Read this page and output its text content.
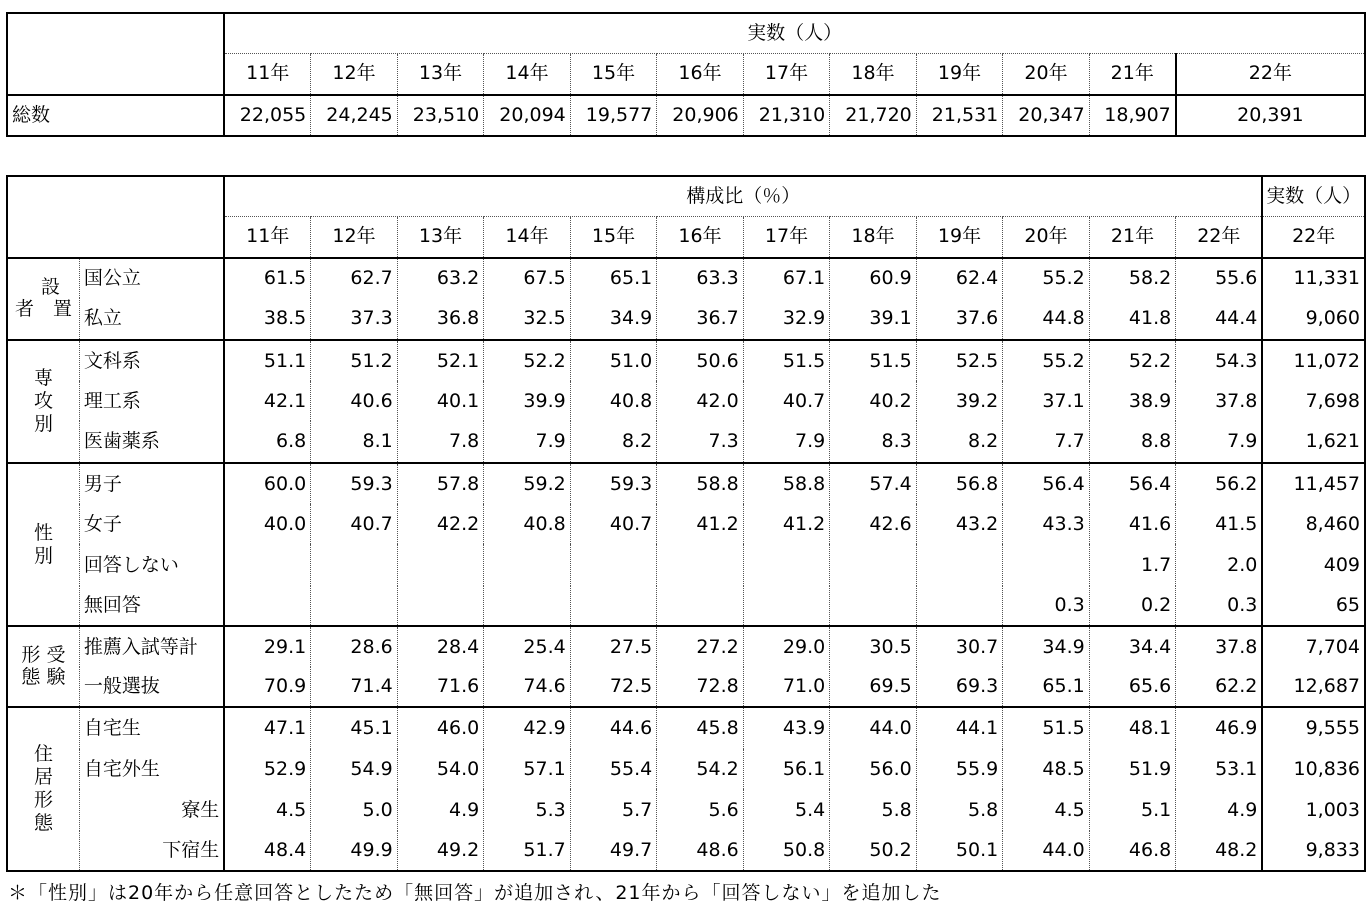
	実数（人）											
	11年	12年	13年	14年	15年	16年	17年	18年	19年	20年	21年	22年
総数	22,055	24,245	23,510	20,094	19,577	20,906	21,310	21,720	21,531	20,347	18,907	20,391
		構成比（％）												実数（人）
		11年	12年	13年	14年	15年	16年	17年	18年	19年	20年	21年	22年	22年

設
者　置	国公立	61.5	62.7	63.2	67.5	65.1	63.3	67.1	60.9	62.4	55.2	58.2	55.6	11,331
	私立	38.5	37.3	36.8	32.5	34.9	36.7	32.9	39.1	37.6	44.8	41.8	44.4	9,060

専
攻
別	文科系	51.1	51.2	52.1	52.2	51.0	50.6	51.5	51.5	52.5	55.2	52.2	54.3	11,072
	理工系	42.1	40.6	40.1	39.9	40.8	42.0	40.7	40.2	39.2	37.1	38.9	37.8	7,698
	医歯薬系	6.8	8.1	7.8	7.9	8.2	7.3	7.9	8.3	8.2	7.7	8.8	7.9	1,621

性
別	男子	60.0	59.3	57.8	59.2	59.3	58.8	58.8	57.4	56.8	56.4	56.4	56.2	11,457
	女子	40.0	40.7	42.2	40.8	40.7	41.2	41.2	42.6	43.2	43.3	41.6	41.5	8,460
	回答しない											1.7	2.0	409
	無回答										0.3	0.2	0.3	65

形 受
態 験	推薦入試等計	29.1	28.6	28.4	25.4	27.5	27.2	29.0	30.5	30.7	34.9	34.4	37.8	7,704
	一般選抜	70.9	71.4	71.6	74.6	72.5	72.8	71.0	69.5	69.3	65.1	65.6	62.2	12,687

住
居
形
態	自宅生	47.1	45.1	46.0	42.9	44.6	45.8	43.9	44.0	44.1	51.5	48.1	46.9	9,555
	自宅外生	52.9	54.9	54.0	57.1	55.4	54.2	56.1	56.0	55.9	48.5	51.9	53.1	10,836
	寮生	4.5	5.0	4.9	5.3	5.7	5.6	5.4	5.8	5.8	4.5	5.1	4.9	1,003
	下宿生	48.4	49.9	49.2	51.7	49.7	48.6	50.8	50.2	50.1	44.0	46.8	48.2	9,833
＊「性別」は20年から任意回答としたため「無回答」が追加され、21年から「回答しない」を追加した
